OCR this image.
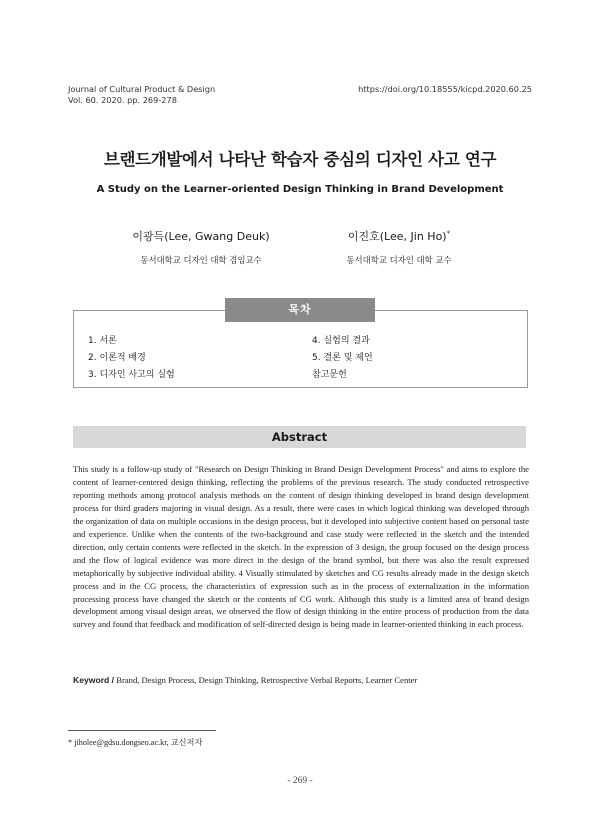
Journal of Cultural Product & Design
Vol. 60. 2020. pp. 269-278
https://doi.org/10.18555/kicpd.2020.60.25
브랜드개발에서 나타난 학습자 중심의 디자인 사고 연구
A Study on the Learner-oriented Design Thinking in Brand Development
이광득(Lee, Gwang Deuk)
동서대학교 디자인 대학 겸임교수
이진호(Lee, Jin Ho)*
동서대학교 디자인 대학 교수
목차
1. 서론
2. 이론적 배경
3. 디자인 사고의 실험
4. 실험의 결과
5. 결론 및 제언
참고문헌
Abstract
This study is a follow-up study of "Research on Design Thinking in Brand Design Development Process" and aims to explore the content of learner-centered design thinking, reflecting the problems of the previous research. The study conducted retrospective reporting methods among protocol analysis methods on the content of design thinking developed in brand design development process for third graders majoring in visual design. As a result, there were cases in which logical thinking was developed through the organization of data on multiple occasions in the design process, but it developed into subjective content based on personal taste and experience. Unlike when the contents of the two-background and case study were reflected in the sketch and the intended direction, only certain contents were reflected in the sketch. In the expression of 3 design, the group focused on the design process and the flow of logical evidence was more direct in the design of the brand symbol, but there was also the result expressed metaphorically by subjective individual ability. 4 Visually stimulated by sketches and CG results already made in the design sketch process and in the CG process, the characteristics of expression such as in the process of externalization in the information processing process have changed the sketch or the contents of CG work. Although this study is a limited area of brand design development among visual design areas, we observed the flow of design thinking in the entire process of production from the data survey and found that feedback and modification of self-directed design is being made in learner-oriented thinking in each process.
Keyword / Brand, Design Process, Design Thinking, Retrospective Verbal Reports, Learner Center
* jiholee@gdsu.dongseo.ac.kr, 교신저자
- 269 -
